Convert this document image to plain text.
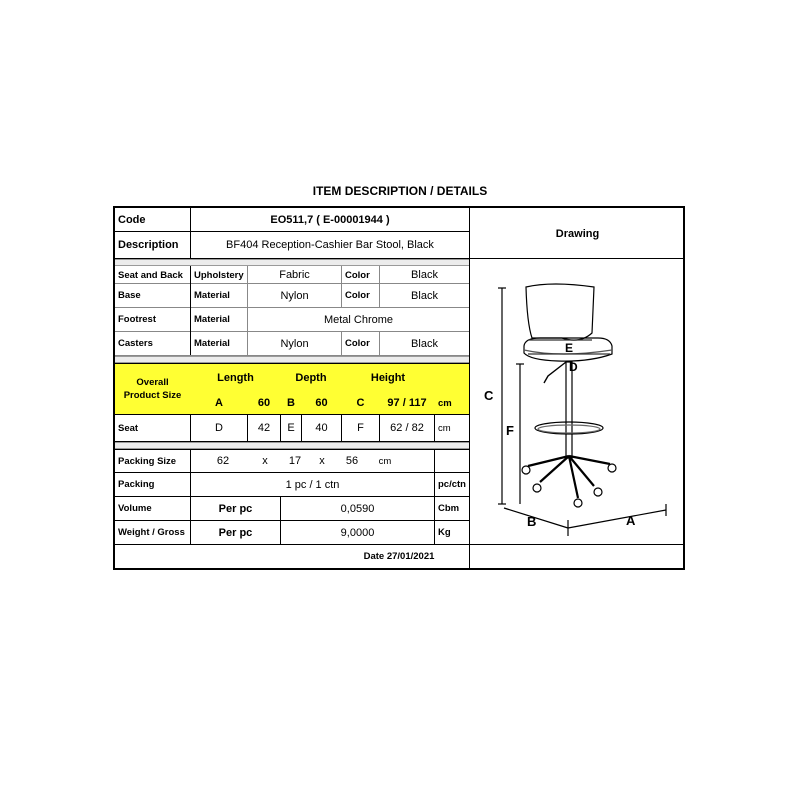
ITEM DESCRIPTION / DETAILS
Code	EO511,7 ( E-00001944 )
Description	BF404 Reception-Cashier Bar Stool, Black
Seat and Back	Upholstery	Fabric	Color	Black
Base	Material	Nylon	Color	Black
Footrest	Material	Metal Chrome
Casters	Material	Nylon	Color	Black
Overall Product Size
Length	Depth	Height
A	60	B	60	C	97 / 117	cm
Seat	D	42	E	40	F	62 / 82	cm
Packing Size	62	x	17	x	56	cm
Packing	1 pc / 1 ctn	pc/ctn
Volume	Per pc	0,0590	Cbm
Weight / Gross	Per pc	9,0000	Kg
Drawing
E
D
C
F
B	A
Date 27/01/2021
